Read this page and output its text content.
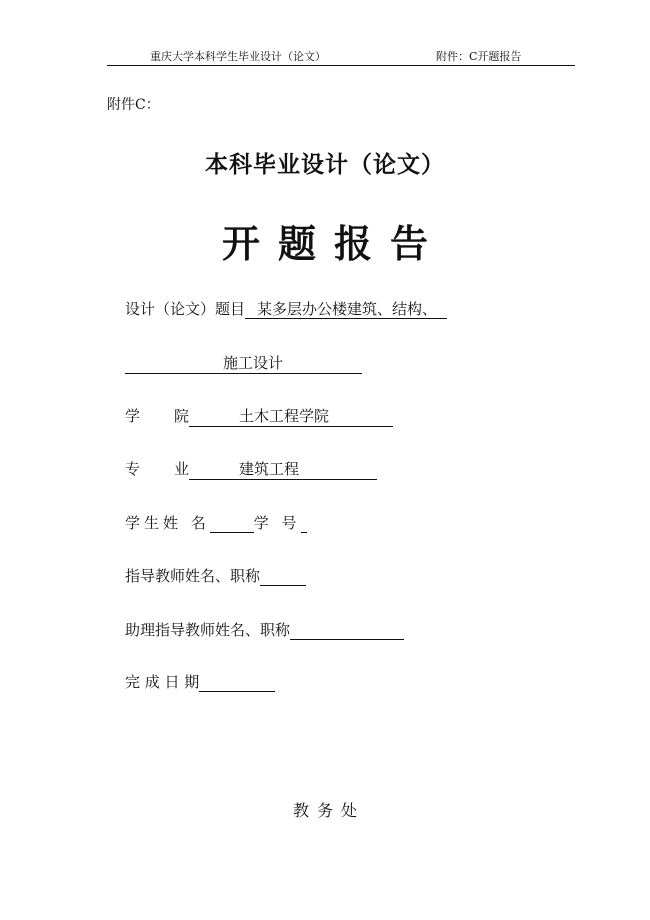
重庆大学本科学生毕业设计（论文）	附件：C开题报告
附件C：
本科毕业设计（论文）
开题报告
设计（论文）题目 某多层办公楼建筑、结构、
施工设计
学 院	土木工程学院
专 业	建筑工程
学生姓 名	学 号
指导教师姓名、职称
助理指导教师姓名、职称
完 成 日 期
教务处
